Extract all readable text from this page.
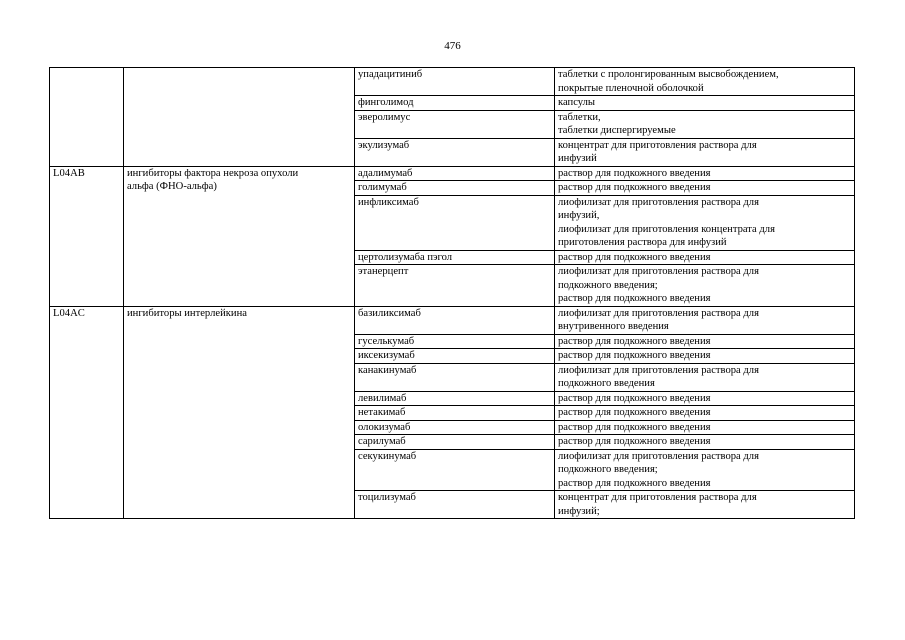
476
		упадацитиниб	таблетки с пролонгированным высвобождением,
покрытые пленочной оболочкой
		финголимод	капсулы
		эверолимус	таблетки,
таблетки диспергируемые
		экулизумаб	концентрат для приготовления раствора для
инфузий
L04AB	ингибиторы фактора некроза опухоли
альфа (ФНО-альфа)	адалимумаб	раствор для подкожного введения
		голимумаб	раствор для подкожного введения
		инфликсимаб	лиофилизат для приготовления раствора для
инфузий,
лиофилизат для приготовления концентрата для
приготовления раствора для инфузий
		цертолизумаба пэгол	раствор для подкожного введения
		этанерцепт	лиофилизат для приготовления раствора для
подкожного введения;
раствор для подкожного введения
L04AC	ингибиторы интерлейкина	базиликсимаб	лиофилизат для приготовления раствора для
внутривенного введения
		гуселькумаб	раствор для подкожного введения
		иксекизумаб	раствор для подкожного введения
		канакинумаб	лиофилизат для приготовления раствора для
подкожного введения
		левилимаб	раствор для подкожного введения
		нетакимаб	раствор для подкожного введения
		олокизумаб	раствор для подкожного введения
		сарилумаб	раствор для подкожного введения
		секукинумаб	лиофилизат для приготовления раствора для
подкожного введения;
раствор для подкожного введения
		тоцилизумаб	концентрат для приготовления раствора для
инфузий;
